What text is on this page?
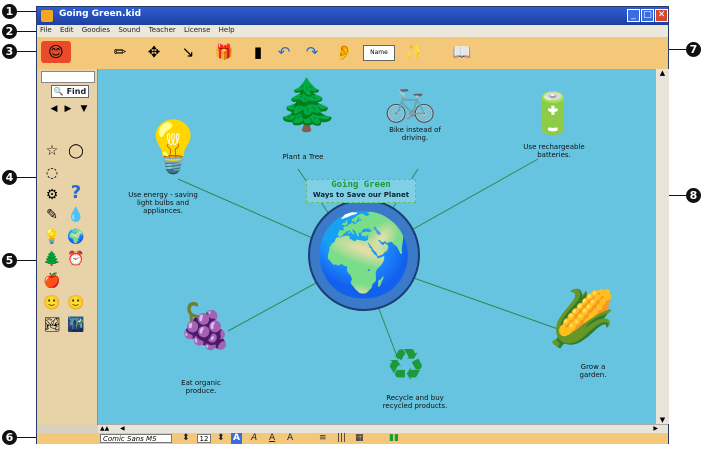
1
2
3
4
5
6
7
8
Going Green.kid	_ □ ✕
File Edit Goodies Sound Teacher License Help
😊	✏	✥	↘	🎁	▮	↶	↷	👂	Name	✨	📖
🔍 Find
◀ ▶	▼
☆ ◯
◌
⚙ ?
✎ 💧
💡 🌍
🌲 ⏰
🍎
🙂 🙂
🏞 🌃
🌍
Going Green
Ways to Save our Planet
🌲
Plant a Tree
🚲
Bike instead of driving.
🔋
Use rechargeable batteries.
💡
Use energy - saving light bulbs and appliances.
🍇
Eat organic produce.	♻
Recycle and buy recycled products.
🌽
Grow a garden.
▲
▼
▲▲ ◀	▶
Comic Sans MS	⬍	12 ⬍ A A A A	≡ ||| ▦	▮▮
